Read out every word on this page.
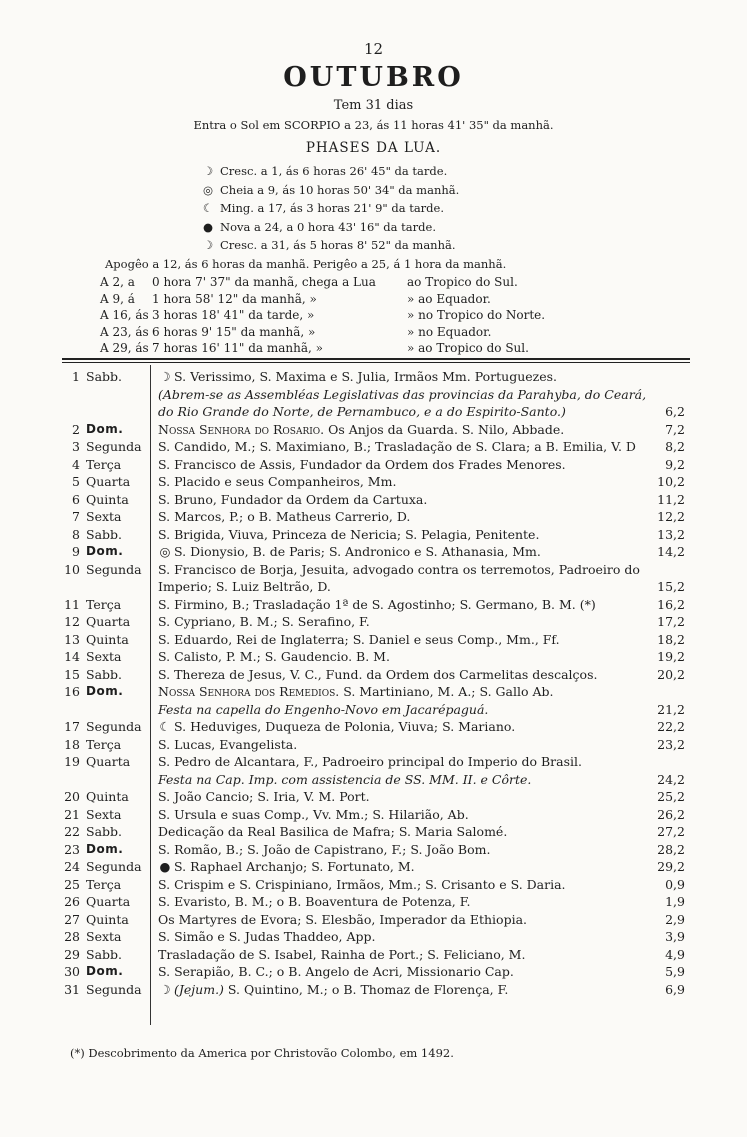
12
OUTUBRO
Tem 31 dias
Entra o Sol em SCORPIO a 23, ás 11 horas 41' 35" da manhã.
PHASES DA LUA.
☽ Cresc. a 1, ás 6 horas 26' 45" da tarde.
◎ Cheia a 9, ás 10 horas 50' 34" da manhã.
☾ Ming. a 17, ás 3 horas 21' 9" da tarde.
● Nova a 24, a 0 hora 43' 16" da tarde.
☽ Cresc. a 31, ás 5 horas 8' 52" da manhã.
Apogêo a 12, ás 6 horas da manhã. Perigêo a 25, á 1 hora da manhã.
A 2, a	0 hora 7' 37" da manhã, chega a Lua	ao Tropico do Sul.
A 9, á	1 hora 58' 12" da manhã, »	» ao Equador.
A 16, ás 3 horas 18' 41" da tarde, »	» no Tropico do Norte.
A 23, ás 6 horas 9' 15" da manhã, »	» no Equador.
A 29, ás 7 horas 16' 11" da manhã, »	» ao Tropico do Sul.
1 Sabb.	☽ S. Verissimo, S. Maxima e S. Julia, Irmãos Mm. Portuguezes.
(Abrem-se as Assembléas Legislativas das provincias da Parahyba, do Ceará, do Rio Grande do Norte, de Pernambuco, e a do Espirito-Santo.)	6,2
2 Dom.	Nossa Senhora do Rosario. Os Anjos da Guarda. S. Nilo, Abbade.	7,2
3 Segunda	S. Candido, M.; S. Maximiano, B.; Trasladação de S. Clara; a B. Emilia, V. D	8,2
4 Terça	S. Francisco de Assis, Fundador da Ordem dos Frades Menores.	9,2
5 Quarta	S. Placido e seus Companheiros, Mm.	10,2
6 Quinta	S. Bruno, Fundador da Ordem da Cartuxa.	11,2
7 Sexta	S. Marcos, P.; o B. Matheus Carrerio, D.	12,2
8 Sabb.	S. Brigida, Viuva, Princeza de Nericia; S. Pelagia, Penitente.	13,2
9 Dom.	◎ S. Dionysio, B. de Paris; S. Andronico e S. Athanasia, Mm.	14,2
10 Segunda	S. Francisco de Borja, Jesuita, advogado contra os terremotos, Padroeiro do Imperio; S. Luiz Beltrão, D.	15,2
11 Terça	S. Firmino, B.; Trasladação 1ª de S. Agostinho; S. Germano, B. M. (*)	16,2
12 Quarta	S. Cypriano, B. M.; S. Serafino, F.	17,2
13 Quinta	S. Eduardo, Rei de Inglaterra; S. Daniel e seus Comp., Mm., Ff.	18,2
14 Sexta	S. Calisto, P. M.; S. Gaudencio. B. M.	19,2
15 Sabb.	S. Thereza de Jesus, V. C., Fund. da Ordem dos Carmelitas descalços.	20,2
16 Dom.	Nossa Senhora dos Remedios. S. Martiniano, M. A.; S. Gallo Ab.
Festa na capella do Engenho-Novo em Jacarépaguá.	21,2
17 Segunda	☾ S. Heduviges, Duqueza de Polonia, Viuva; S. Mariano.	22,2
18 Terça	S. Lucas, Evangelista.	23,2
19 Quarta	S. Pedro de Alcantara, F., Padroeiro principal do Imperio do Brasil.
Festa na Cap. Imp. com assistencia de SS. MM. II. e Côrte.	24,2
20 Quinta	S. João Cancio; S. Iria, V. M. Port.	25,2
21 Sexta	S. Ursula e suas Comp., Vv. Mm.; S. Hilarião, Ab.	26,2
22 Sabb.	Dedicação da Real Basilica de Mafra; S. Maria Salomé.	27,2
23 Dom.	S. Romão, B.; S. João de Capistrano, F.; S. João Bom.	28,2
24 Segunda	● S. Raphael Archanjo; S. Fortunato, M.	29,2
25 Terça	S. Crispim e S. Crispiniano, Irmãos, Mm.; S. Crisanto e S. Daria.	0,9
26 Quarta	S. Evaristo, B. M.; o B. Boaventura de Potenza, F.	1,9
27 Quinta	Os Martyres de Evora; S. Elesbão, Imperador da Ethiopia.	2,9
28 Sexta	S. Simão e S. Judas Thaddeo, App.	3,9
29 Sabb.	Trasladação de S. Isabel, Rainha de Port.; S. Feliciano, M.	4,9
30 Dom.	S. Serapião, B. C.; o B. Angelo de Acri, Missionario Cap.	5,9
31 Segunda	☽ (Jejum.) S. Quintino, M.; o B. Thomaz de Florença, F.	6,9
(*) Descobrimento da America por Christovão Colombo, em 1492.
